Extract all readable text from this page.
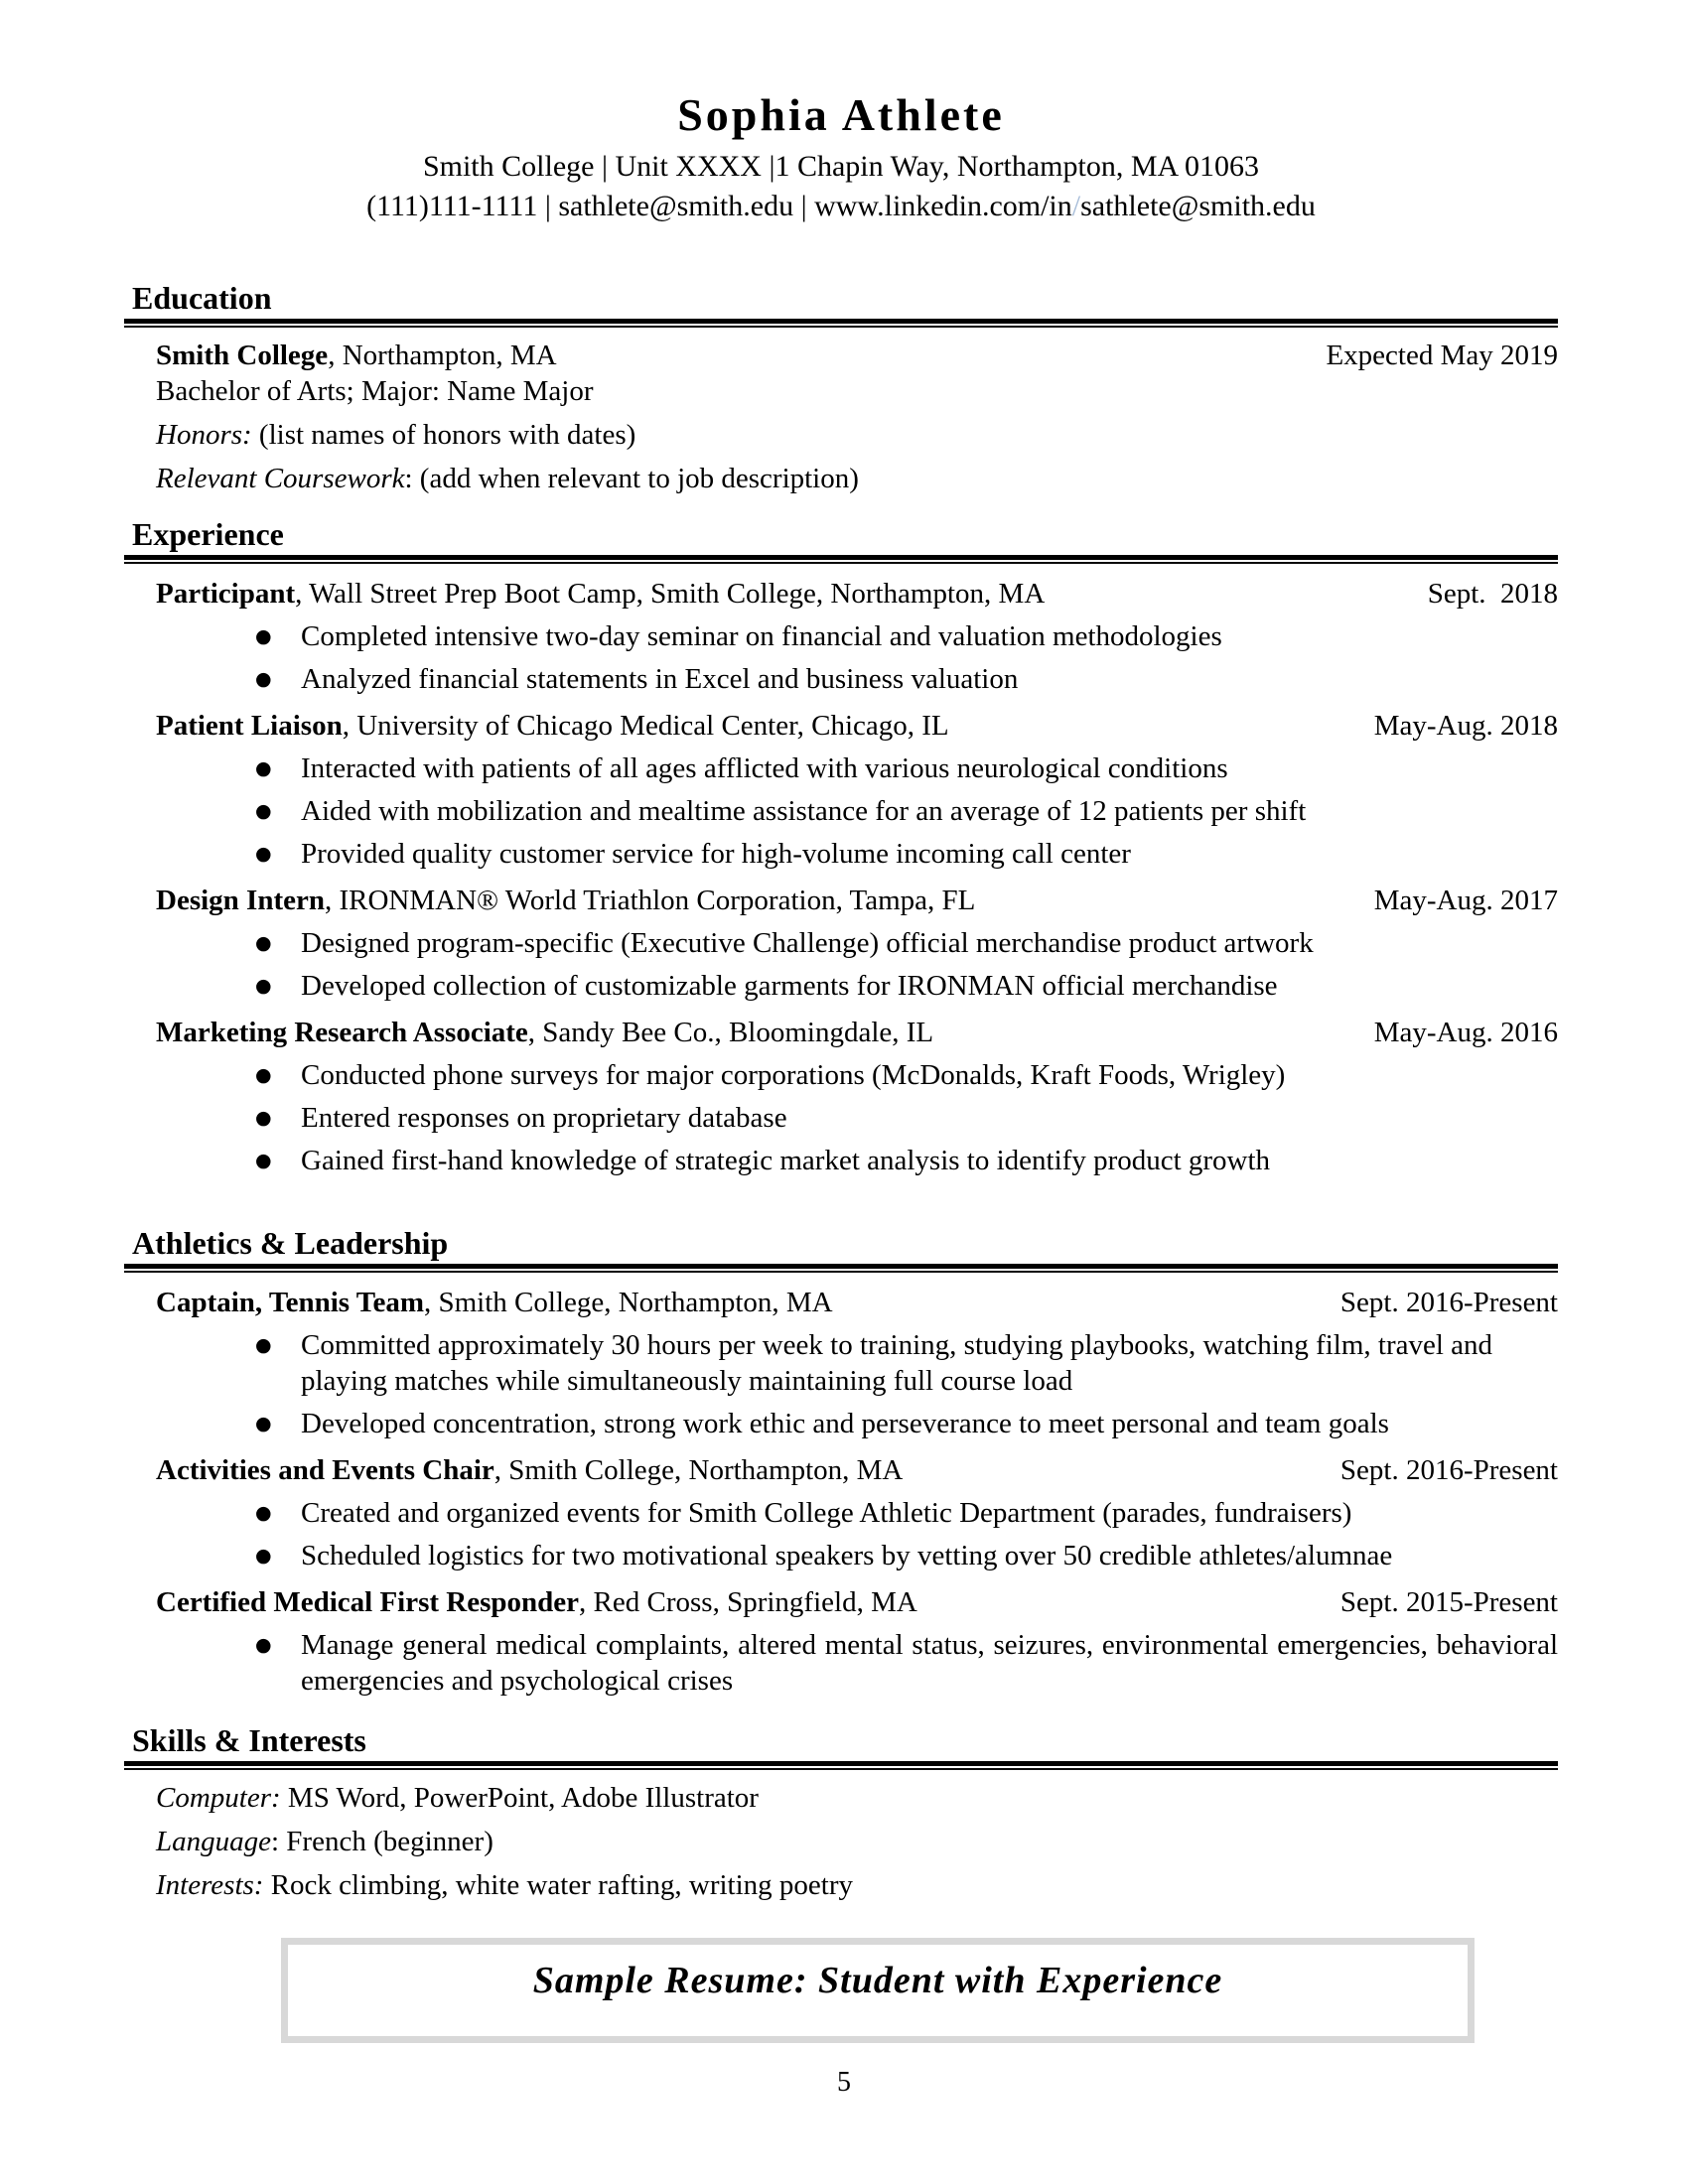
Sophia Athlete
Smith College | Unit XXXX |1 Chapin Way, Northampton, MA 01063
(111)111-1111 | sathlete@smith.edu | www.linkedin.com/in/sathlete@smith.edu
Education
Smith College, Northampton, MA	Expected May 2019
Bachelor of Arts; Major: Name Major
Honors: (list names of honors with dates)
Relevant Coursework: (add when relevant to job description)
Experience
Participant, Wall Street Prep Boot Camp, Smith College, Northampton, MA	Sept.  2018
●	Completed intensive two-day seminar on financial and valuation methodologies
●	Analyzed financial statements in Excel and business valuation
Patient Liaison, University of Chicago Medical Center, Chicago, IL	May-Aug. 2018
●	Interacted with patients of all ages afflicted with various neurological conditions
●	Aided with mobilization and mealtime assistance for an average of 12 patients per shift
●	Provided quality customer service for high-volume incoming call center
Design Intern, IRONMAN® World Triathlon Corporation, Tampa, FL	May-Aug. 2017
●	Designed program-specific (Executive Challenge) official merchandise product artwork
●	Developed collection of customizable garments for IRONMAN official merchandise
Marketing Research Associate, Sandy Bee Co., Bloomingdale, IL	May-Aug. 2016
●	Conducted phone surveys for major corporations (McDonalds, Kraft Foods, Wrigley)
●	Entered responses on proprietary database
●	Gained first-hand knowledge of strategic market analysis to identify product growth
Athletics & Leadership
Captain, Tennis Team, Smith College, Northampton, MA	Sept. 2016-Present
●	Committed approximately 30 hours per week to training, studying playbooks, watching film, travel and playing matches while simultaneously maintaining full course load
●	Developed concentration, strong work ethic and perseverance to meet personal and team goals
Activities and Events Chair, Smith College, Northampton, MA	Sept. 2016-Present
●	Created and organized events for Smith College Athletic Department (parades, fundraisers)
●	Scheduled logistics for two motivational speakers by vetting over 50 credible athletes/alumnae
Certified Medical First Responder, Red Cross, Springfield, MA	Sept. 2015-Present
●	Manage general medical complaints, altered mental status, seizures, environmental emergencies, behavioral emergencies and psychological crises
Skills & Interests
Computer: MS Word, PowerPoint, Adobe Illustrator
Language: French (beginner)
Interests: Rock climbing, white water rafting, writing poetry
Sample Resume: Student with Experience
5
